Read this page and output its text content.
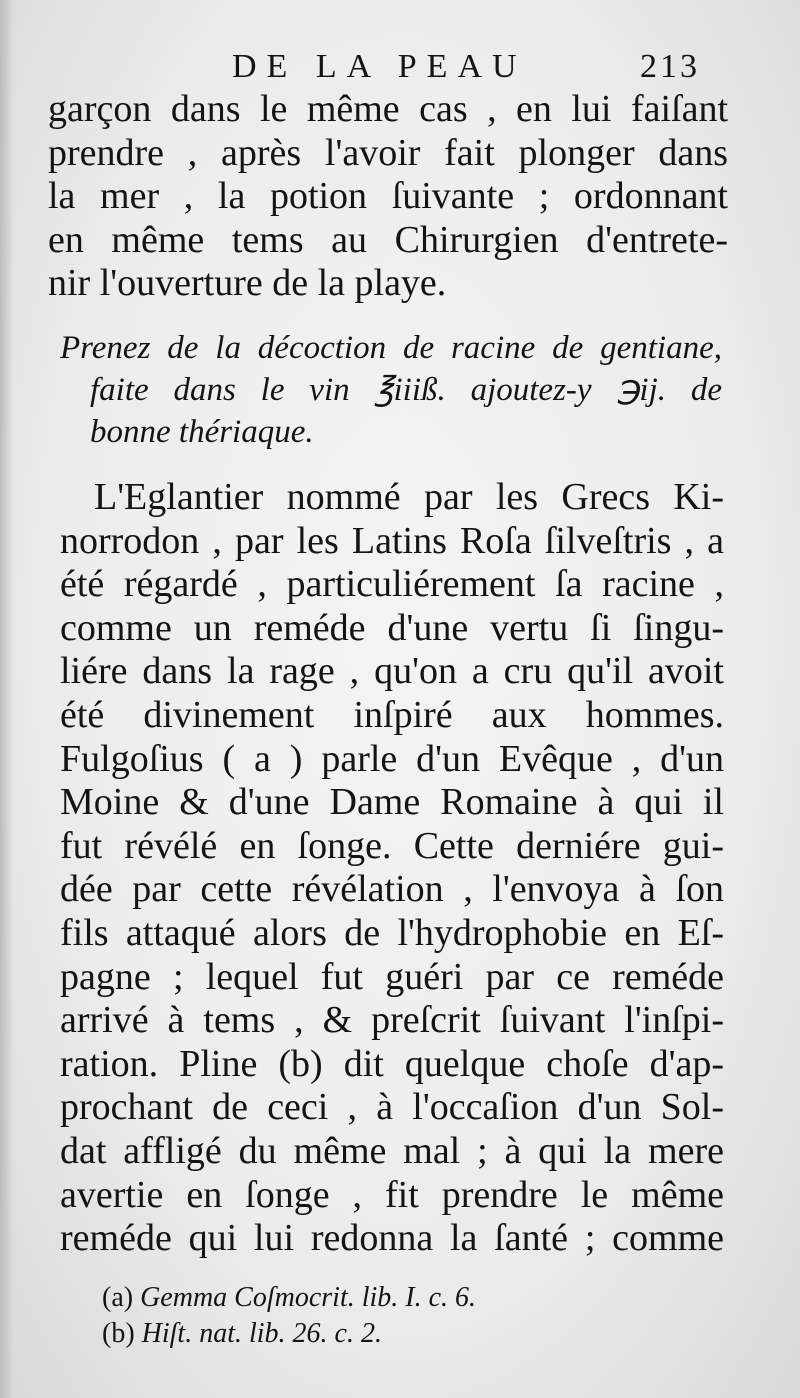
DE LA PEAU	213
garçon dans le même cas , en lui faiſant
prendre , après l'avoir fait plonger dans
la mer , la potion ſuivante ; ordonnant
en même tems au Chirurgien d'entrete-
nir l'ouverture de la playe.
Prenez de la décoction de racine de gentiane,
faite dans le vin ℥iiiß. ajoutez-y ℈ij. de
bonne thériaque.
L'Eglantier nommé par les Grecs Ki-
norrodon , par les Latins Roſa ſilveſtris , a
été régardé , particuliérement ſa racine ,
comme un reméde d'une vertu ſi ſingu-
liére dans la rage , qu'on a cru qu'il avoit
été divinement inſpiré aux hommes.
Fulgoſius ( a ) parle d'un Evêque , d'un
Moine & d'une Dame Romaine à qui il
fut révélé en ſonge. Cette derniére gui-
dée par cette révélation , l'envoya à ſon
fils attaqué alors de l'hydrophobie en Eſ-
pagne ; lequel fut guéri par ce reméde
arrivé à tems , & preſcrit ſuivant l'inſpi-
ration. Pline (b) dit quelque choſe d'ap-
prochant de ceci , à l'occaſion d'un Sol-
dat affligé du même mal ; à qui la mere
avertie en ſonge , fit prendre le même
reméde qui lui redonna la ſanté ; comme
(a) Gemma Coſmocrit. lib. I. c. 6.
(b) Hiſt. nat. lib. 26. c. 2.
